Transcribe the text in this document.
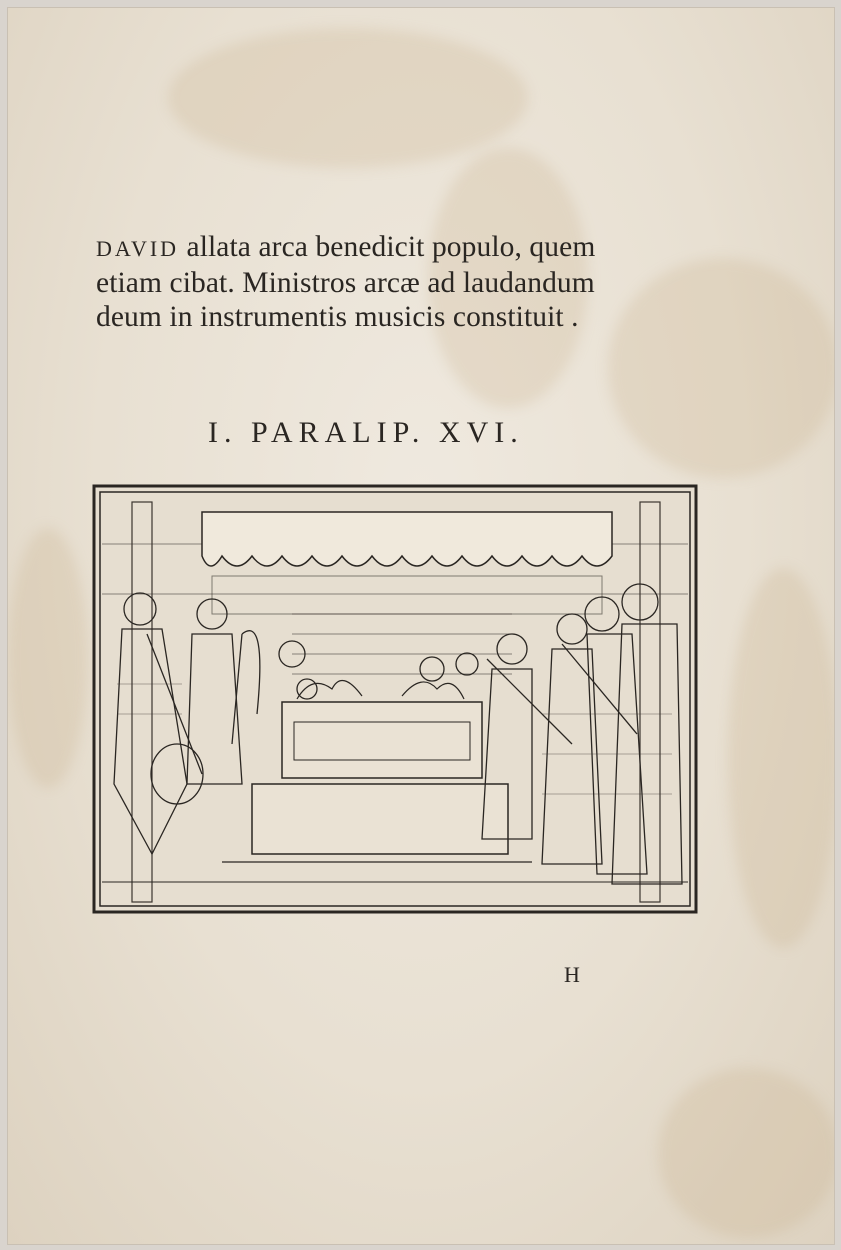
DAVID allata arca benedicit populo, quem
etiam cibat. Ministros arcæ ad laudandum
deum in instrumentis musicis constituit .
I. PARALIP. XVI.
H
